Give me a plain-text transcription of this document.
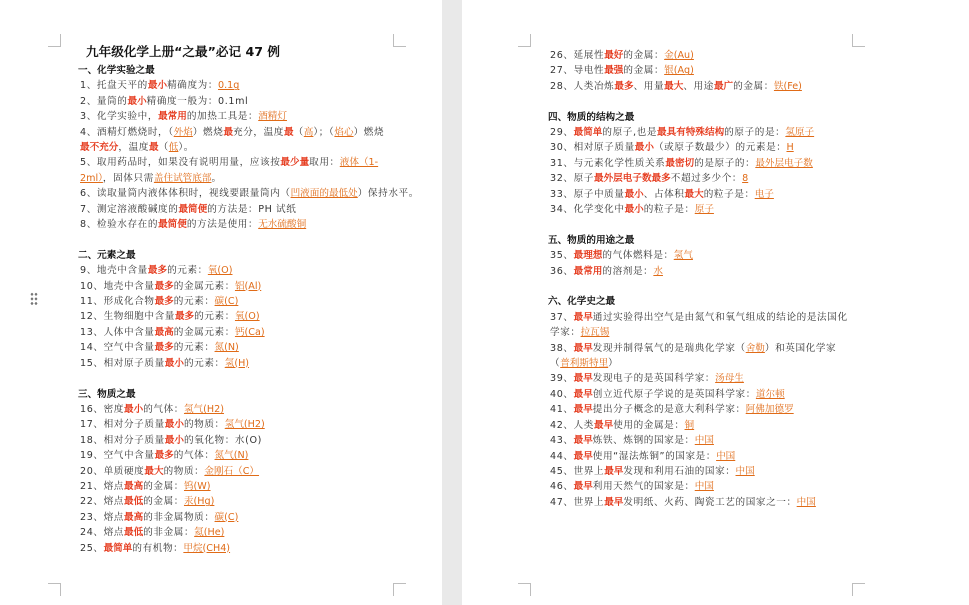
九年级化学上册“之最”必记 47 例
一、化学实验之最
1、托盘天平的最小精确度为：0.1g
2、量筒的最小精确度一般为：0.1ml
3、化学实验中，最常用的加热工具是：酒精灯
4、酒精灯燃烧时，（外焰）燃烧最充分，温度最（高）；（焰心）燃烧最不充分，温度最（低）。
5、取用药品时，如果没有说明用量，应该按最少量取用：液体（1-2ml），固体只需盖住试管底部。
6、读取量筒内液体体积时，视线要跟量筒内（凹液面的最低处）保持水平。
7、测定溶液酸碱度的最简便的方法是：PH 试纸
8、检验水存在的最简便的方法是使用：无水硫酸铜
二、元素之最
9、地壳中含量最多的元素：氧(O)
10、地壳中含量最多的金属元素：铝(Al)
11、形成化合物最多的元素：碳(C)
12、生物细胞中含量最多的元素：氧(O)
13、人体中含量最高的金属元素：钙(Ca)
14、空气中含量最多的元素：氮(N)
15、相对原子质量最小的元素：氢(H)
三、物质之最
16、密度最小的气体：氢气(H2)
17、相对分子质量最小的物质：氢气(H2)
18、相对分子质量最小的氧化物：水(O)
19、空气中含量最多的气体：氮气(N)
20、单质硬度最大的物质：金刚石（C）
21、熔点最高的金属：钨(W)
22、熔点最低的金属：汞(Hg)
23、熔点最高的非金属物质：碳(C)
24、熔点最低的非金属：氦(He)
25、最简单的有机物：甲烷(CH4)
26、延展性最好的金属：金(Au)
27、导电性最强的金属：银(Ag)
28、人类冶炼最多、用量最大、用途最广的金属：铁(Fe)
四、物质的结构之最
29、最简单的原子,也是最具有特殊结构的原子的是：氢原子
30、相对原子质量最小（或原子数最少）的元素是：H
31、与元素化学性质关系最密切的是原子的：最外层电子数
32、原子最外层电子数最多不超过多少个：8
33、原子中质量最小、占体积最大的粒子是：电子
34、化学变化中最小的粒子是：原子
五、物质的用途之最
35、最理想的气体燃料是：氢气
36、最常用的溶剂是：水
六、化学史之最
37、最早通过实验得出空气是由氮气和氧气组成的结论的是法国化学家：拉瓦锡
38、最早发现并制得氧气的是瑞典化学家（舍勒）和英国化学家（普利斯特里）
39、最早发现电子的是英国科学家：汤母生
40、最早创立近代原子学说的是英国科学家：道尔顿
41、最早提出分子概念的是意大利科学家：阿佛加德罗
42、人类最早使用的金属是：铜
43、最早炼铁、炼钢的国家是：中国
44、最早使用“湿法炼铜”的国家是：中国
45、世界上最早发现和利用石油的国家：中国
46、最早利用天然气的国家是：中国
47、世界上最早发明纸、火药、陶瓷工艺的国家之一：中国
